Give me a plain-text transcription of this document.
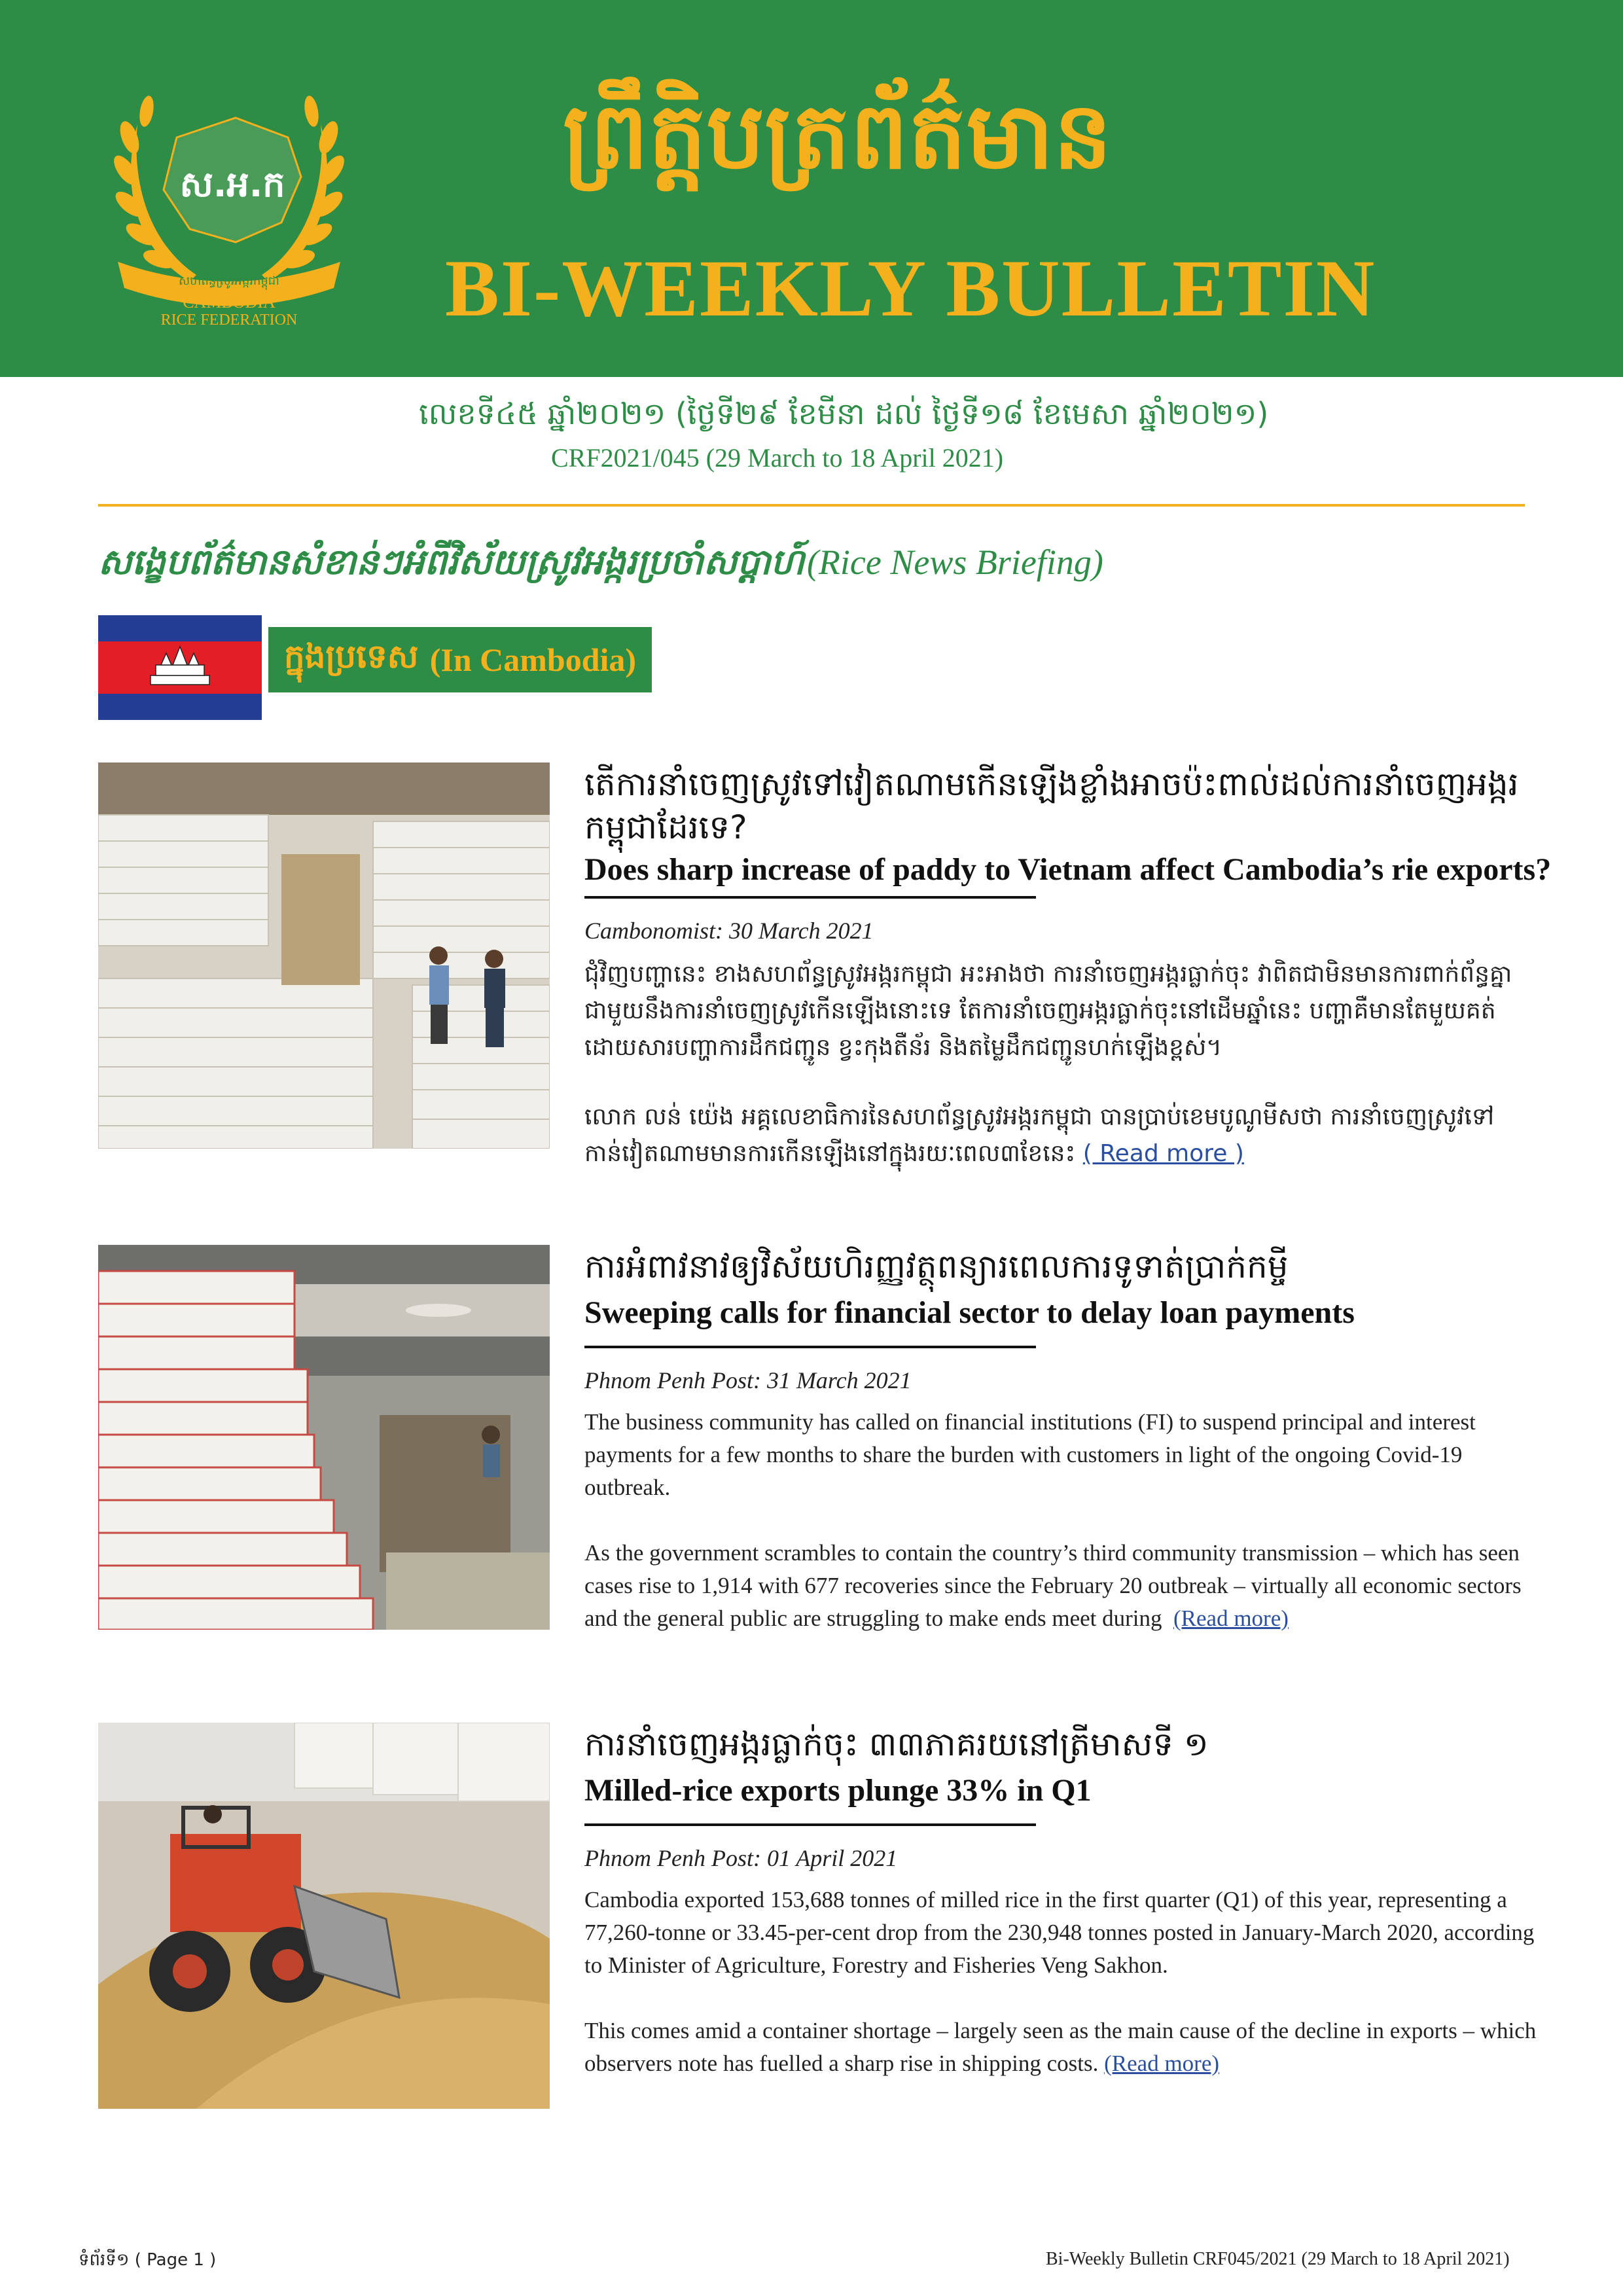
ស.អ.ក
សហព័ន្ធស្រូវអង្ករកម្ពុជា
CAMBODIA
RICE FEDERATION
ព្រឹត្តិបត្រព័ត៌មាន
BI-WEEKLY BULLETIN
លេខទី៤៥ ឆ្នាំ២០២១ (ថ្ងៃទី២៩ ខែមីនា ដល់ ថ្ងៃទី១៨ ខែមេសា ឆ្នាំ២០២១)
CRF2021/045 (29 March to 18 April 2021)
សង្ខេបព័ត៌មានសំខាន់ៗអំពីវិស័យស្រូវអង្ករប្រចាំសប្ដាហ៍ (Rice News Briefing)
ក្នុងប្រទេស
(In Cambodia)

តើការនាំចេញស្រូវទៅវៀតណាមកើនឡើងខ្លាំងអាចប៉ះពាល់ដល់ការនាំចេញអង្ករកម្ពុជាដែរទេ?

Does sharp increase of paddy to Vietnam affect Cambodia’s rie exports?

Cambonomist: 30 March 2021

ជុំវិញបញ្ហានេះ ខាងសហព័ន្ធស្រូវអង្ករកម្ពុជា អះអាងថា ការនាំចេញអង្ករធ្លាក់ចុះ វាពិតជាមិនមានការពាក់ព័ន្ធគ្នា ជាមួយនឹងការនាំចេញស្រូវកើនឡើងនោះទេ តែការនាំចេញអង្ករធ្លាក់ចុះនៅដើមឆ្នាំនេះ បញ្ហាគឺមានតែមួយគត់ ដោយសារបញ្ហាការដឹកជញ្ជូន ខ្វះកុងតឺន័រ និងតម្លៃដឹកជញ្ជូនហក់ឡើងខ្ពស់។

លោក លន់ យ៉េង អគ្គលេខាធិការនៃសហព័ន្ធស្រូវអង្ករកម្ពុជា បានប្រាប់ខេមបូណូមីសថា ការនាំចេញស្រូវទៅកាន់វៀតណាមមានការកើនឡើងនៅក្នុងរយៈពេល៣ខែនេះ ( Read more )

ការអំពាវនាវឲ្យវិស័យហិរញ្ញវត្ថុពន្យារពេលការទូទាត់ប្រាក់កម្ចី

Sweeping calls for financial sector to delay loan payments

Phnom Penh Post: 31 March 2021

The business community has called on financial institutions (FI) to suspend principal and interest payments for a few months to share the burden with customers in light of the ongoing Covid-19 outbreak.

As the government scrambles to contain the country’s third community transmission – which has seen cases rise to 1,914 with 677 recoveries since the February 20 outbreak – virtually all economic sectors and the general public are struggling to make ends meet during (Read more)

ការនាំចេញអង្ករធ្លាក់ចុះ ៣៣ភាគរយនៅត្រីមាសទី ១

Milled-rice exports plunge 33% in Q1

Phnom Penh Post: 01 April 2021

Cambodia exported 153,688 tonnes of milled rice in the first quarter (Q1) of this year, representing a 77,260-tonne or 33.45-per-cent drop from the 230,948 tonnes posted in January-March 2020, according to Minister of Agriculture, Forestry and Fisheries Veng Sakhon.

This comes amid a container shortage – largely seen as the main cause of the decline in exports – which observers note has fuelled a sharp rise in shipping costs. (Read more)

ទំព័រទី១ ( Page 1 )	Bi-Weekly Bulletin CRF045/2021 (29 March to 18 April 2021)
